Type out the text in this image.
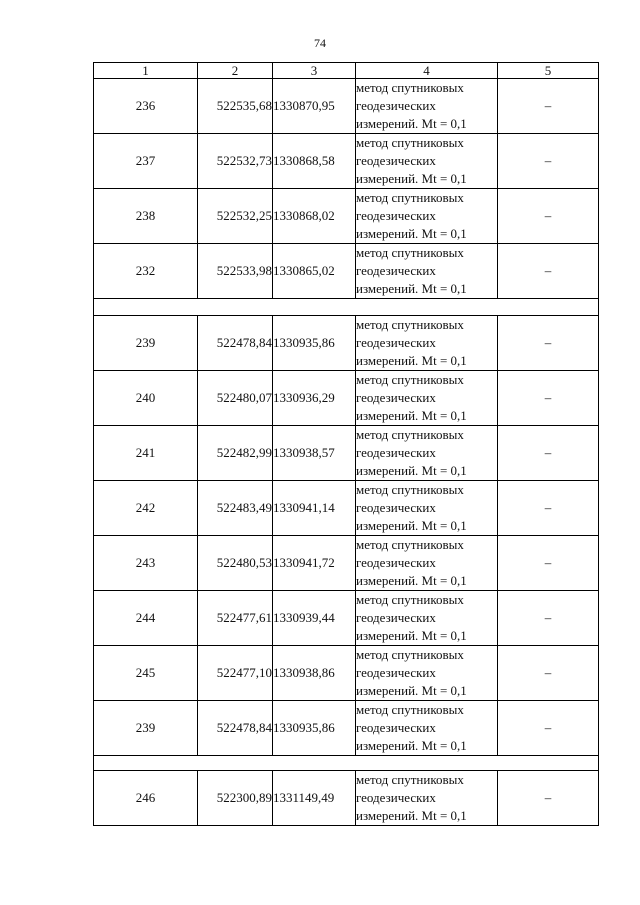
74
1	2	3	4	5
236	522535,68	1330870,95	метод спутниковых геодезических измерений. Mt = 0,1	–
237	522532,73	1330868,58	метод спутниковых геодезических измерений. Mt = 0,1	–
238	522532,25	1330868,02	метод спутниковых геодезических измерений. Mt = 0,1	–
232	522533,98	1330865,02	метод спутниковых геодезических измерений. Mt = 0,1	–

239	522478,84	1330935,86	метод спутниковых геодезических измерений. Mt = 0,1	–
240	522480,07	1330936,29	метод спутниковых геодезических измерений. Mt = 0,1	–
241	522482,99	1330938,57	метод спутниковых геодезических измерений. Mt = 0,1	–
242	522483,49	1330941,14	метод спутниковых геодезических измерений. Mt = 0,1	–
243	522480,53	1330941,72	метод спутниковых геодезических измерений. Mt = 0,1	–
244	522477,61	1330939,44	метод спутниковых геодезических измерений. Mt = 0,1	–
245	522477,10	1330938,86	метод спутниковых геодезических измерений. Mt = 0,1	–
239	522478,84	1330935,86	метод спутниковых геодезических измерений. Mt = 0,1	–

246	522300,89	1331149,49	метод спутниковых геодезических измерений. Mt = 0,1	–
